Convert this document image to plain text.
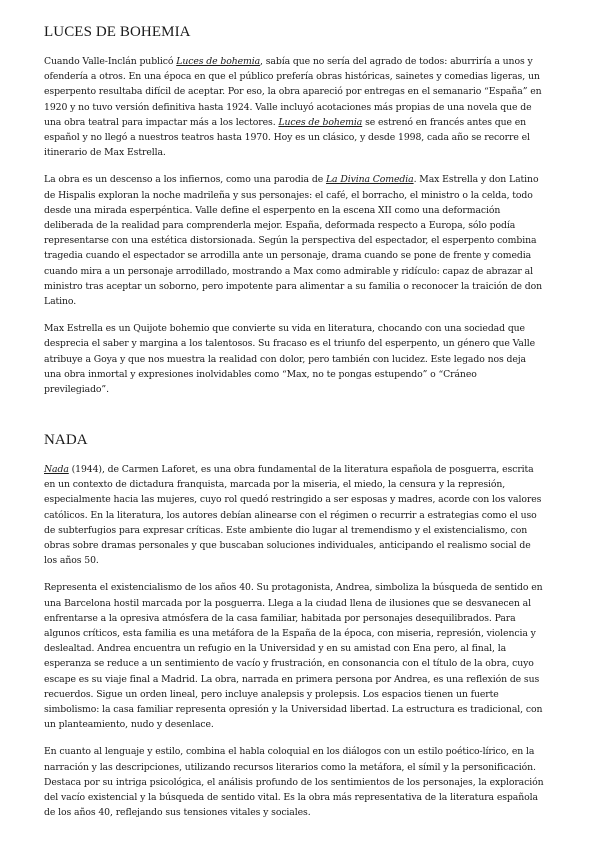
LUCES DE BOHEMIA

Cuando Valle-Inclán publicó Luces de bohemia, sabía que no sería del agrado de todos: aburriría a unos y ofendería a otros. En una época en que el público prefería obras históricas, sainetes y comedias ligeras, un esperpento resultaba difícil de aceptar. Por eso, la obra apareció por entregas en el semanario “España” en 1920 y no tuvo versión definitiva hasta 1924. Valle incluyó acotaciones más propias de una novela que de una obra teatral para impactar más a los lectores. Luces de bohemia se estrenó en francés antes que en español y no llegó a nuestros teatros hasta 1970. Hoy es un clásico, y desde 1998, cada año se recorre el itinerario de Max Estrella.

La obra es un descenso a los infiernos, como una parodia de La Divina Comedia. Max Estrella y don Latino de Hispalis exploran la noche madrileña y sus personajes: el café, el borracho, el ministro o la celda, todo desde una mirada esperpéntica. Valle define el esperpento en la escena XII como una deformación deliberada de la realidad para comprenderla mejor. España, deformada respecto a Europa, sólo podía representarse con una estética distorsionada. Según la perspectiva del espectador, el esperpento combina tragedia cuando el espectador se arrodilla ante un personaje, drama cuando se pone de frente y comedia cuando mira a un personaje arrodillado, mostrando a Max como admirable y ridículo: capaz de abrazar al ministro tras aceptar un soborno, pero impotente para alimentar a su familia o reconocer la traición de don Latino.

Max Estrella es un Quijote bohemio que convierte su vida en literatura, chocando con una sociedad que desprecia el saber y margina a los talentosos. Su fracaso es el triunfo del esperpento, un género que Valle atribuye a Goya y que nos muestra la realidad con dolor, pero también con lucidez. Este legado nos deja una obra inmortal y expresiones inolvidables como “Max, no te pongas estupendo” o “Cráneo previlegiado”.

NADA

Nada (1944), de Carmen Laforet, es una obra fundamental de la literatura española de posguerra, escrita en un contexto de dictadura franquista, marcada por la miseria, el miedo, la censura y la represión, especialmente hacia las mujeres, cuyo rol quedó restringido a ser esposas y madres, acorde con los valores católicos. En la literatura, los autores debían alinearse con el régimen o recurrir a estrategias como el uso de subterfugios para expresar críticas. Este ambiente dio lugar al tremendismo y el existencialismo, con obras sobre dramas personales y que buscaban soluciones individuales, anticipando el realismo social de los años 50.

Representa el existencialismo de los años 40. Su protagonista, Andrea, simboliza la búsqueda de sentido en una Barcelona hostil marcada por la posguerra. Llega a la ciudad llena de ilusiones que se desvanecen al enfrentarse a la opresiva atmósfera de la casa familiar, habitada por personajes desequilibrados. Para algunos críticos, esta familia es una metáfora de la España de la época, con miseria, represión, violencia y deslealtad. Andrea encuentra un refugio en la Universidad y en su amistad con Ena pero, al final, la esperanza se reduce a un sentimiento de vacío y frustración, en consonancia con el título de la obra, cuyo escape es su viaje final a Madrid. La obra, narrada en primera persona por Andrea, es una reflexión de sus recuerdos. Sigue un orden lineal, pero incluye analepsis y prolepsis. Los espacios tienen un fuerte simbolismo: la casa familiar representa opresión y la Universidad libertad. La estructura es tradicional, con un planteamiento, nudo y desenlace.

En cuanto al lenguaje y estilo, combina el habla coloquial en los diálogos con un estilo poético-lírico, en la narración y las descripciones, utilizando recursos literarios como la metáfora, el símil y la personificación. Destaca por su intriga psicológica, el análisis profundo de los sentimientos de los personajes, la exploración del vacío existencial y la búsqueda de sentido vital. Es la obra más representativa de la literatura española de los años 40, reflejando sus tensiones vitales y sociales.
